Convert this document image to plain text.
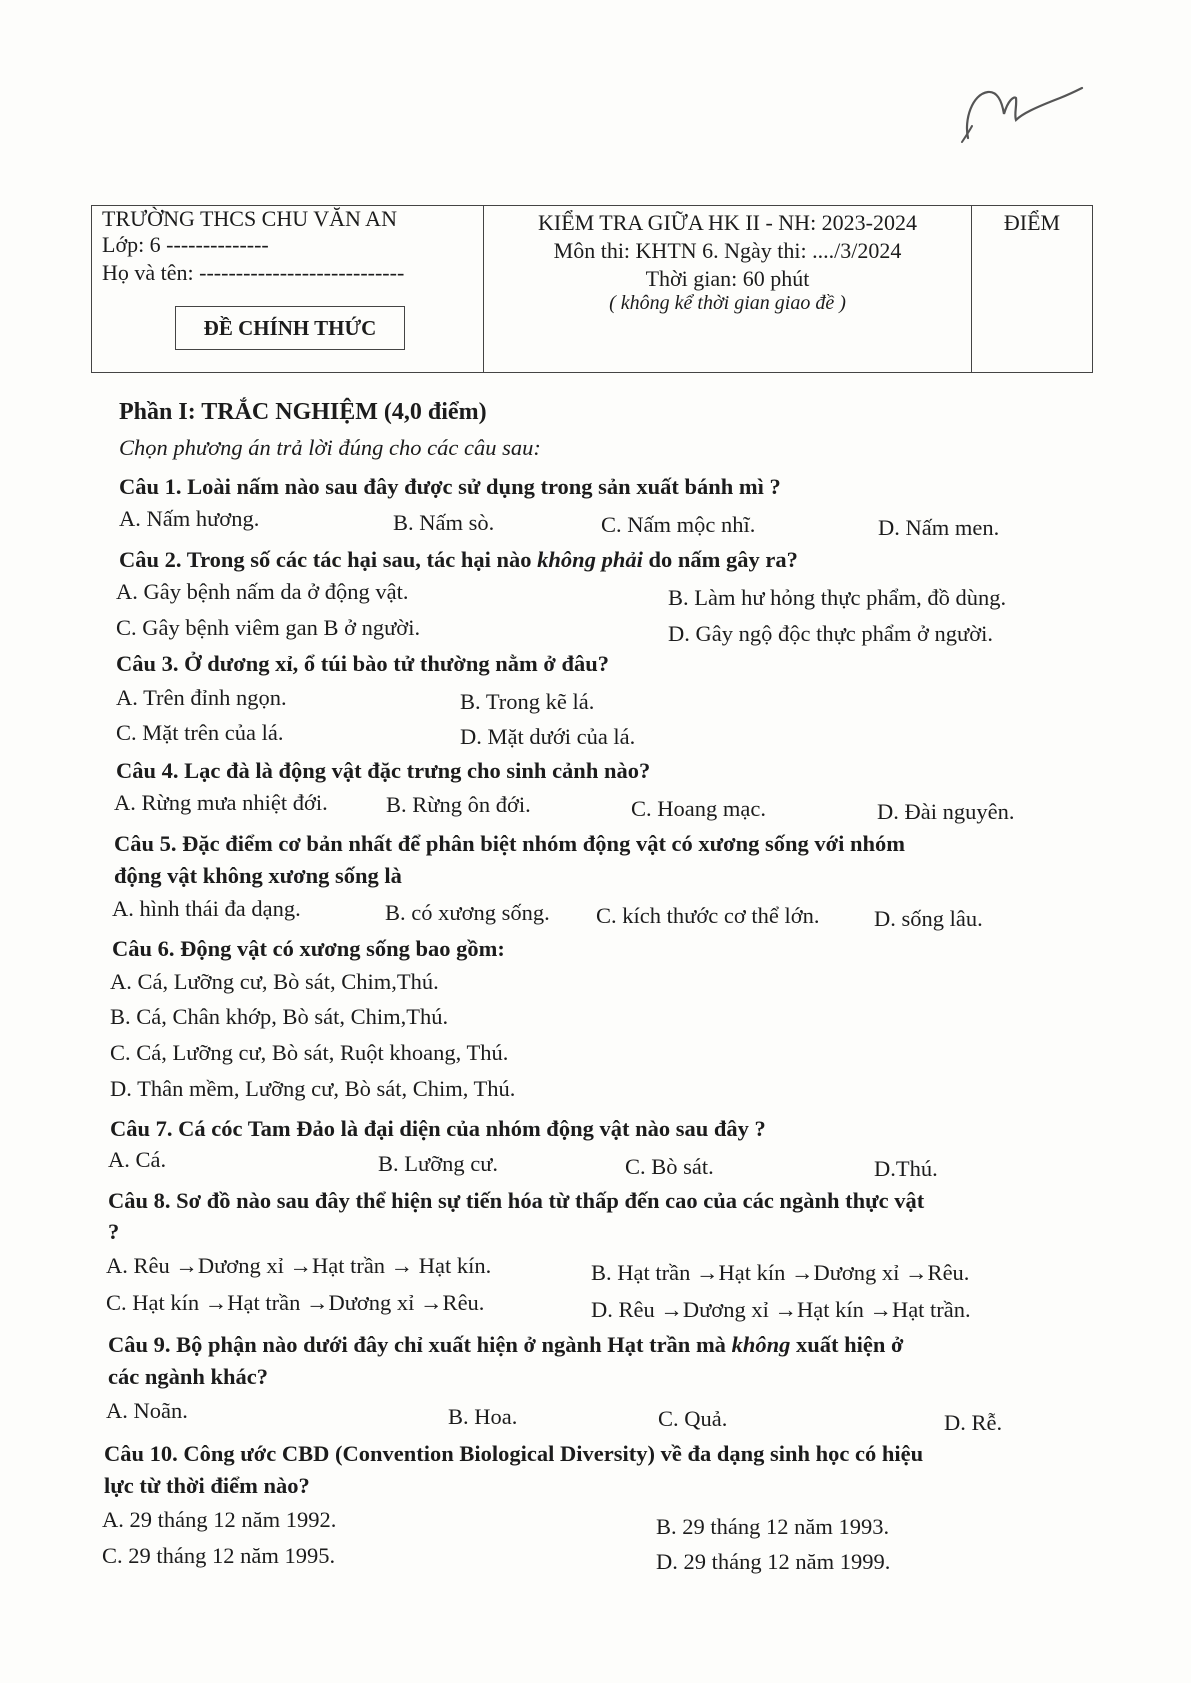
TRƯỜNG THCS CHU VĂN AN
Lớp: 6 --------------
Họ và tên: ----------------------------
ĐỀ CHÍNH THỨC
KIỂM TRA GIỮA HK II - NH: 2023-2024
Môn thi: KHTN 6. Ngày thi: ..../3/2024
Thời gian: 60 phút
( không kể thời gian giao đề )
ĐIỂM
Phần I: TRẮC NGHIỆM (4,0 điểm)
Chọn phương án trả lời đúng cho các câu sau:
Câu 1. Loài nấm nào sau đây được sử dụng trong sản xuất bánh mì ?
A. Nấm hương.	B. Nấm sò.	C. Nấm mộc nhĩ.	D. Nấm men.
Câu 2. Trong số các tác hại sau, tác hại nào không phải do nấm gây ra?
A. Gây bệnh nấm da ở động vật.	B. Làm hư hỏng thực phẩm, đồ dùng.
C. Gây bệnh viêm gan B ở người.	D. Gây ngộ độc thực phẩm ở người.
Câu 3. Ở dương xỉ, ổ túi bào tử thường nằm ở đâu?
A. Trên đỉnh ngọn.	B. Trong kẽ lá.
C. Mặt trên của lá.	D. Mặt dưới của lá.
Câu 4. Lạc đà là động vật đặc trưng cho sinh cảnh nào?
A. Rừng mưa nhiệt đới.	B. Rừng ôn đới.	C. Hoang mạc.	D. Đài nguyên.
Câu 5. Đặc điểm cơ bản nhất để phân biệt nhóm động vật có xương sống với nhóm
động vật không xương sống là
A. hình thái đa dạng.	B. có xương sống. C. kích thước cơ thể lớn. D. sống lâu.
Câu 6. Động vật có xương sống bao gồm:
A. Cá, Lưỡng cư, Bò sát, Chim,Thú.
B. Cá, Chân khớp, Bò sát, Chim,Thú.
C. Cá, Lưỡng cư, Bò sát, Ruột khoang, Thú.
D. Thân mềm, Lưỡng cư, Bò sát, Chim, Thú.
Câu 7. Cá cóc Tam Đảo là đại diện của nhóm động vật nào sau đây ?
A. Cá.	B. Lưỡng cư.	C. Bò sát.	D.Thú.
Câu 8. Sơ đồ nào sau đây thể hiện sự tiến hóa từ thấp đến cao của các ngành thực vật
?
A. Rêu →Dương xỉ →Hạt trần → Hạt kín.	B. Hạt trần →Hạt kín →Dương xỉ →Rêu.
C. Hạt kín →Hạt trần →Dương xỉ →Rêu.	D. Rêu →Dương xỉ →Hạt kín →Hạt trần.
Câu 9. Bộ phận nào dưới đây chỉ xuất hiện ở ngành Hạt trần mà không xuất hiện ở
các ngành khác?
A. Noãn.	B. Hoa.	C. Quả.	D. Rễ.
Câu 10. Công ước CBD (Convention Biological Diversity) về đa dạng sinh học có hiệu
lực từ thời điểm nào?
A. 29 tháng 12 năm 1992.	B. 29 tháng 12 năm 1993.
C. 29 tháng 12 năm 1995.	D. 29 tháng 12 năm 1999.
